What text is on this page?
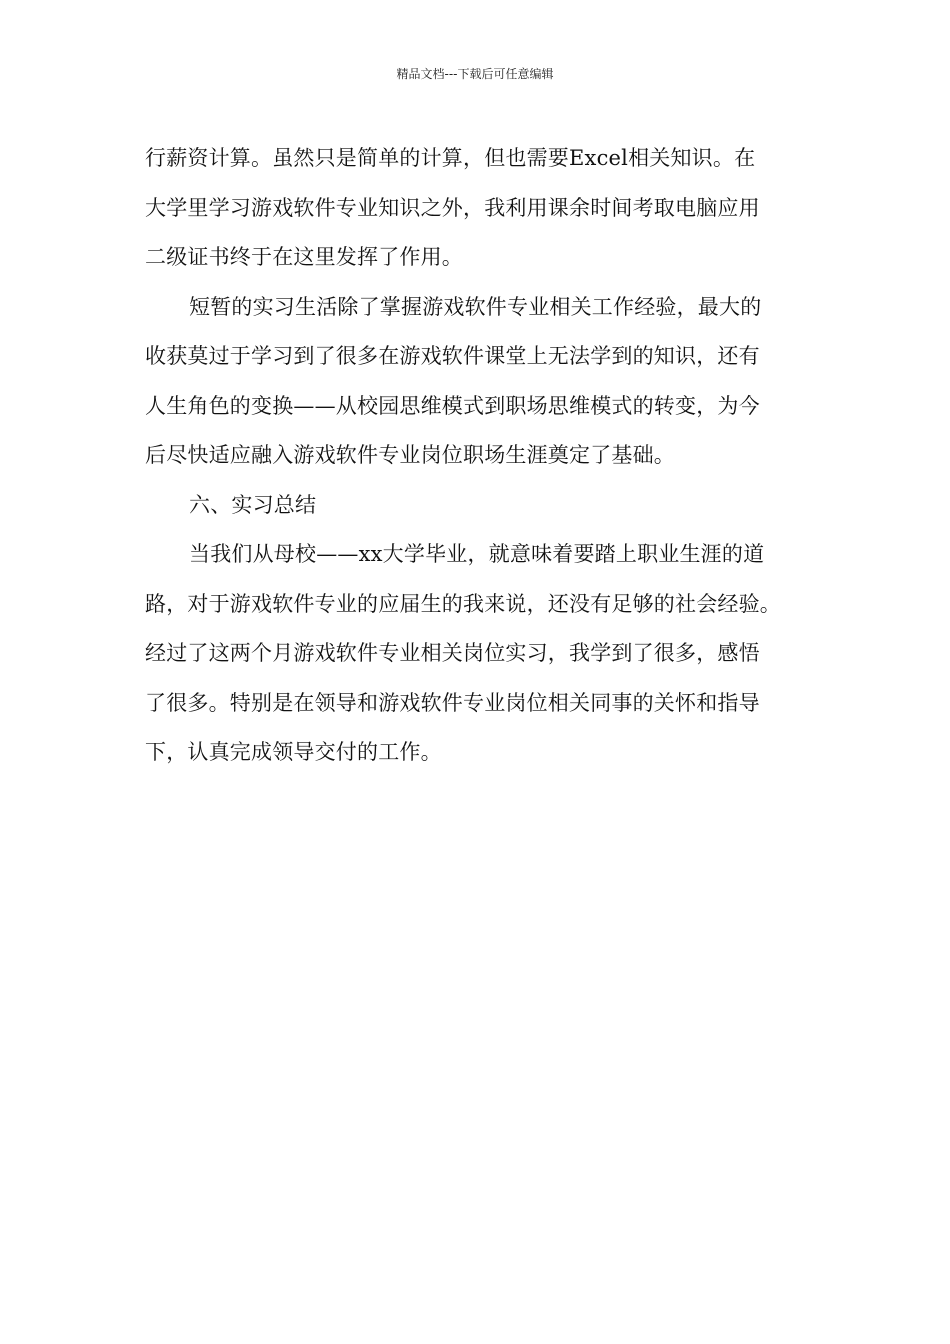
精品文档---下载后可任意编辑

行薪资计算。虽然只是简单的计算，但也需要Excel相关知识。在
大学里学习游戏软件专业知识之外，我利用课余时间考取电脑应用
二级证书终于在这里发挥了作用。

短暂的实习生活除了掌握游戏软件专业相关工作经验，最大的
收获莫过于学习到了很多在游戏软件课堂上无法学到的知识，还有
人生角色的变换——从校园思维模式到职场思维模式的转变，为今
后尽快适应融入游戏软件专业岗位职场生涯奠定了基础。

六、实习总结

当我们从母校——xx大学毕业，就意味着要踏上职业生涯的道
路，对于游戏软件专业的应届生的我来说，还没有足够的社会经验。
经过了这两个月游戏软件专业相关岗位实习，我学到了很多，感悟
了很多。特别是在领导和游戏软件专业岗位相关同事的关怀和指导
下，认真完成领导交付的工作。
